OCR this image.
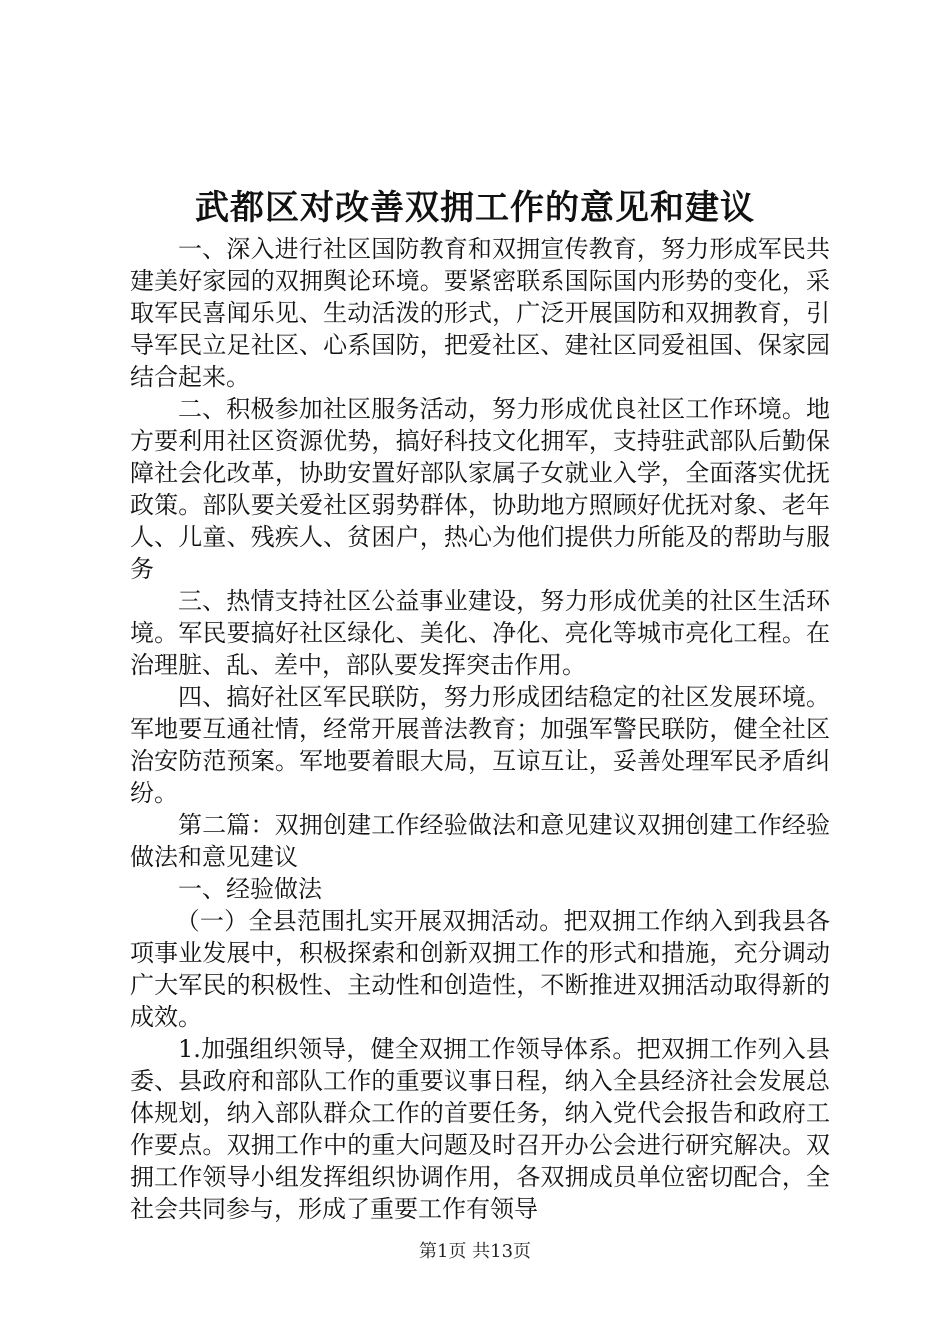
武都区对改善双拥工作的意见和建议

一、深入进行社区国防教育和双拥宣传教育，努力形成军民共建美好家园的双拥舆论环境。要紧密联系国际国内形势的变化，采取军民喜闻乐见、生动活泼的形式，广泛开展国防和双拥教育，引导军民立足社区、心系国防，把爱社区、建社区同爱祖国、保家园结合起来。

二、积极参加社区服务活动，努力形成优良社区工作环境。地方要利用社区资源优势，搞好科技文化拥军，支持驻武部队后勤保障社会化改革，协助安置好部队家属子女就业入学，全面落实优抚政策。部队要关爱社区弱势群体，协助地方照顾好优抚对象、老年人、儿童、残疾人、贫困户，热心为他们提供力所能及的帮助与服务

三、热情支持社区公益事业建设，努力形成优美的社区生活环境。军民要搞好社区绿化、美化、净化、亮化等城市亮化工程。在治理脏、乱、差中，部队要发挥突击作用。

四、搞好社区军民联防，努力形成团结稳定的社区发展环境。军地要互通社情，经常开展普法教育；加强军警民联防，健全社区治安防范预案。军地要着眼大局，互谅互让，妥善处理军民矛盾纠纷。

第二篇：双拥创建工作经验做法和意见建议双拥创建工作经验做法和意见建议

一、经验做法

（一）全县范围扎实开展双拥活动。把双拥工作纳入到我县各项事业发展中，积极探索和创新双拥工作的形式和措施，充分调动广大军民的积极性、主动性和创造性，不断推进双拥活动取得新的成效。

1.加强组织领导，健全双拥工作领导体系。把双拥工作列入县委、县政府和部队工作的重要议事日程，纳入全县经济社会发展总体规划，纳入部队群众工作的首要任务，纳入党代会报告和政府工作要点。双拥工作中的重大问题及时召开办公会进行研究解决。双拥工作领导小组发挥组织协调作用，各双拥成员单位密切配合，全社会共同参与，形成了重要工作有领导

第1页 共13页
